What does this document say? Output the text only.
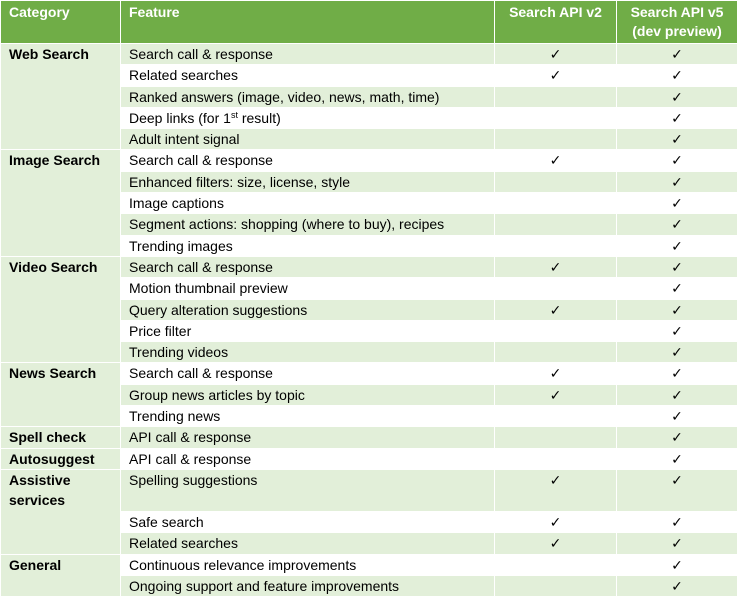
Category	Feature	Search API v2	Search API v5
(dev preview)
Web Search	Search call & response	✓	✓
	Related searches	✓	✓
	Ranked answers (image, video, news, math, time)		✓
	Deep links (for 1st result)		✓
	Adult intent signal		✓
Image Search	Search call & response	✓	✓
	Enhanced filters: size, license, style		✓
	Image captions		✓
	Segment actions: shopping (where to buy), recipes		✓
	Trending images		✓
Video Search	Search call & response	✓	✓
	Motion thumbnail preview		✓
	Query alteration suggestions	✓	✓
	Price filter		✓
	Trending videos		✓
News Search	Search call & response	✓	✓
	Group news articles by topic	✓	✓
	Trending news		✓
Spell check	API call & response		✓
Autosuggest	API call & response		✓
Assistive
services	Spelling suggestions	✓	✓
	Safe search	✓	✓
	Related searches	✓	✓
General	Continuous relevance improvements		✓
	Ongoing support and feature improvements		✓
